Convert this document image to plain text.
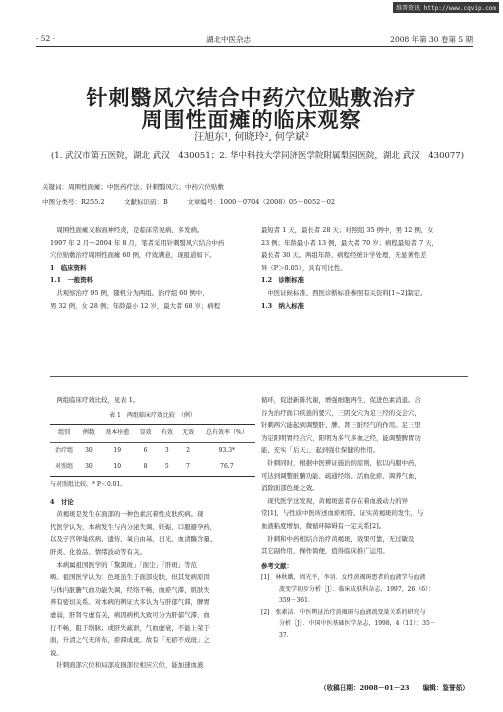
维普资讯 http://www.cqvip.com
· 52 ·	湖北中医杂志	2008 年第 30 卷第 5 期
针刺翳风穴结合中药穴位贴敷治疗
周围性面瘫的临床观察
汪旭东¹, 何晓玲², 何学斌²
(1. 武汉市第五医院，湖北 武汉　430051；2. 华中科技大学同济医学院附属梨园医院，湖北 武汉　430077)
关键词：周围性面瘫；中医药疗法；针刺翳风穴；中药穴位贴敷
中图分类号：R255.2　　　文献标识码：B　　　文章编号：1000－0704（2008）05－0052－02
周围性面瘫又称面神经炎，是临床常见病、多发病。
1997 年 2 月～2004 年 8 月，笔者采用针刺翳风穴结合中药
穴位贴敷治疗周围性面瘫 60 例，疗效满意，现报道如下。
1　临床资料
1.1　一般资料
共观察治疗 95 例，随机分为两组。治疗组 60 例中，
男 32 例，女 28 例；年龄最小 12 岁，最大者 68 岁；病程
最短者 1 天，最长者 28 天；对照组 35 例中，男 12 例，女
23 例；年龄最小者 13 例，最大者 70 岁；病程最短者 7 天，
最长者 30 天。两组年龄、病程经统计学处理，无显著性差
异（P＞0.05），具有可比性。
1.2　诊断标准
中医证候标准、西医诊断标准参照有关资料[1~2]制定。
1.3　纳入标准
两组临床疗效比较，见表 1。
表 1　两组临床疗效比较　（例）
组别	例数	基本痊愈	显效	有效	无效	总有效率（%）
治疗组	30	19	6	3	2	93.3*
对照组	30	10	8	5	7	76.7
与对照组比较，* P＜0.01。
4　讨论
黄褐斑是发生在面部的一种色素沉着性皮肤疾病。现
代医学认为，本病发生与内分泌失调、妊娠、口服避孕药，
以及子宫卵巢疾病、遗传、氧自由基、日光、血清酶含量、
肝炎、化妆品、情绪波动等有关。
本病属祖国医学的「黧黑斑」「面尘」「肝斑」等范
畴。祖国医学认为：色斑虽生于面部皮肤，但其发病原因
与体内脏腑气血功能失调，经络不畅，血瘀气滞，肌肤失
养有密切关系。对本病的辨证大多认为与肝郁气滞，脾胃
虚弱，肝肾亏虚有关，病因病机大致可分为肝郁气滞、血
行不畅，阻于络脉；或肝失疏泄，气血虚衰，不能上荣于
面，升清之气无所布，瘀滞成斑。故有「无瘀不成斑」之
说。
针刺面部穴位和局部皮损部位相应穴位，能加速血液
循环，促进新陈代谢，增强细胞再生，促进色素消退。合
谷为治疗面口疾患的要穴，三阴交穴为足三经的交会穴，
针刺两穴能起到调整肝、脾、肾三脏经气的作用。足三里
为足阳明胃经合穴，阳明为多气多血之经，能调整脾胃功
能，充实「后天」，起到强壮保健的作用。
针刺同时，根据中医辨证施治的原则，依以内服中药，
可达到调整脏腑功能、疏通经络、活血化瘀、调养气血，
消除面部色斑之效。
现代医学这发现，黄褐斑患者存在着血液动力的异
常[1]，与性质中医所述血瘀相符。证实黄褐斑的发生，与
血液粘度增加，微循环障碍有一定关系[2]。
针刺和中药相结合治疗黄褐斑，效果可靠，无过敏及
其它副作用，操作简便，值得临床推广运用。
参考文献：
[1]　林秋娥，周光平，李羽．女性黄褐斑患者的血液学与血液
　　　流变学初步分析［J］．临床皮肤科杂志，1997，26（6）：
　　　359－361．
[2]　张素洁．中医辨证治疗黄褐斑与血液流变量关系的研究与
　　　分析［J］．中国中医基础医学杂志，1998，4（11）：35－
　　　37．
（收稿日期：2008－01－23　　编辑：鉴誉茹）
